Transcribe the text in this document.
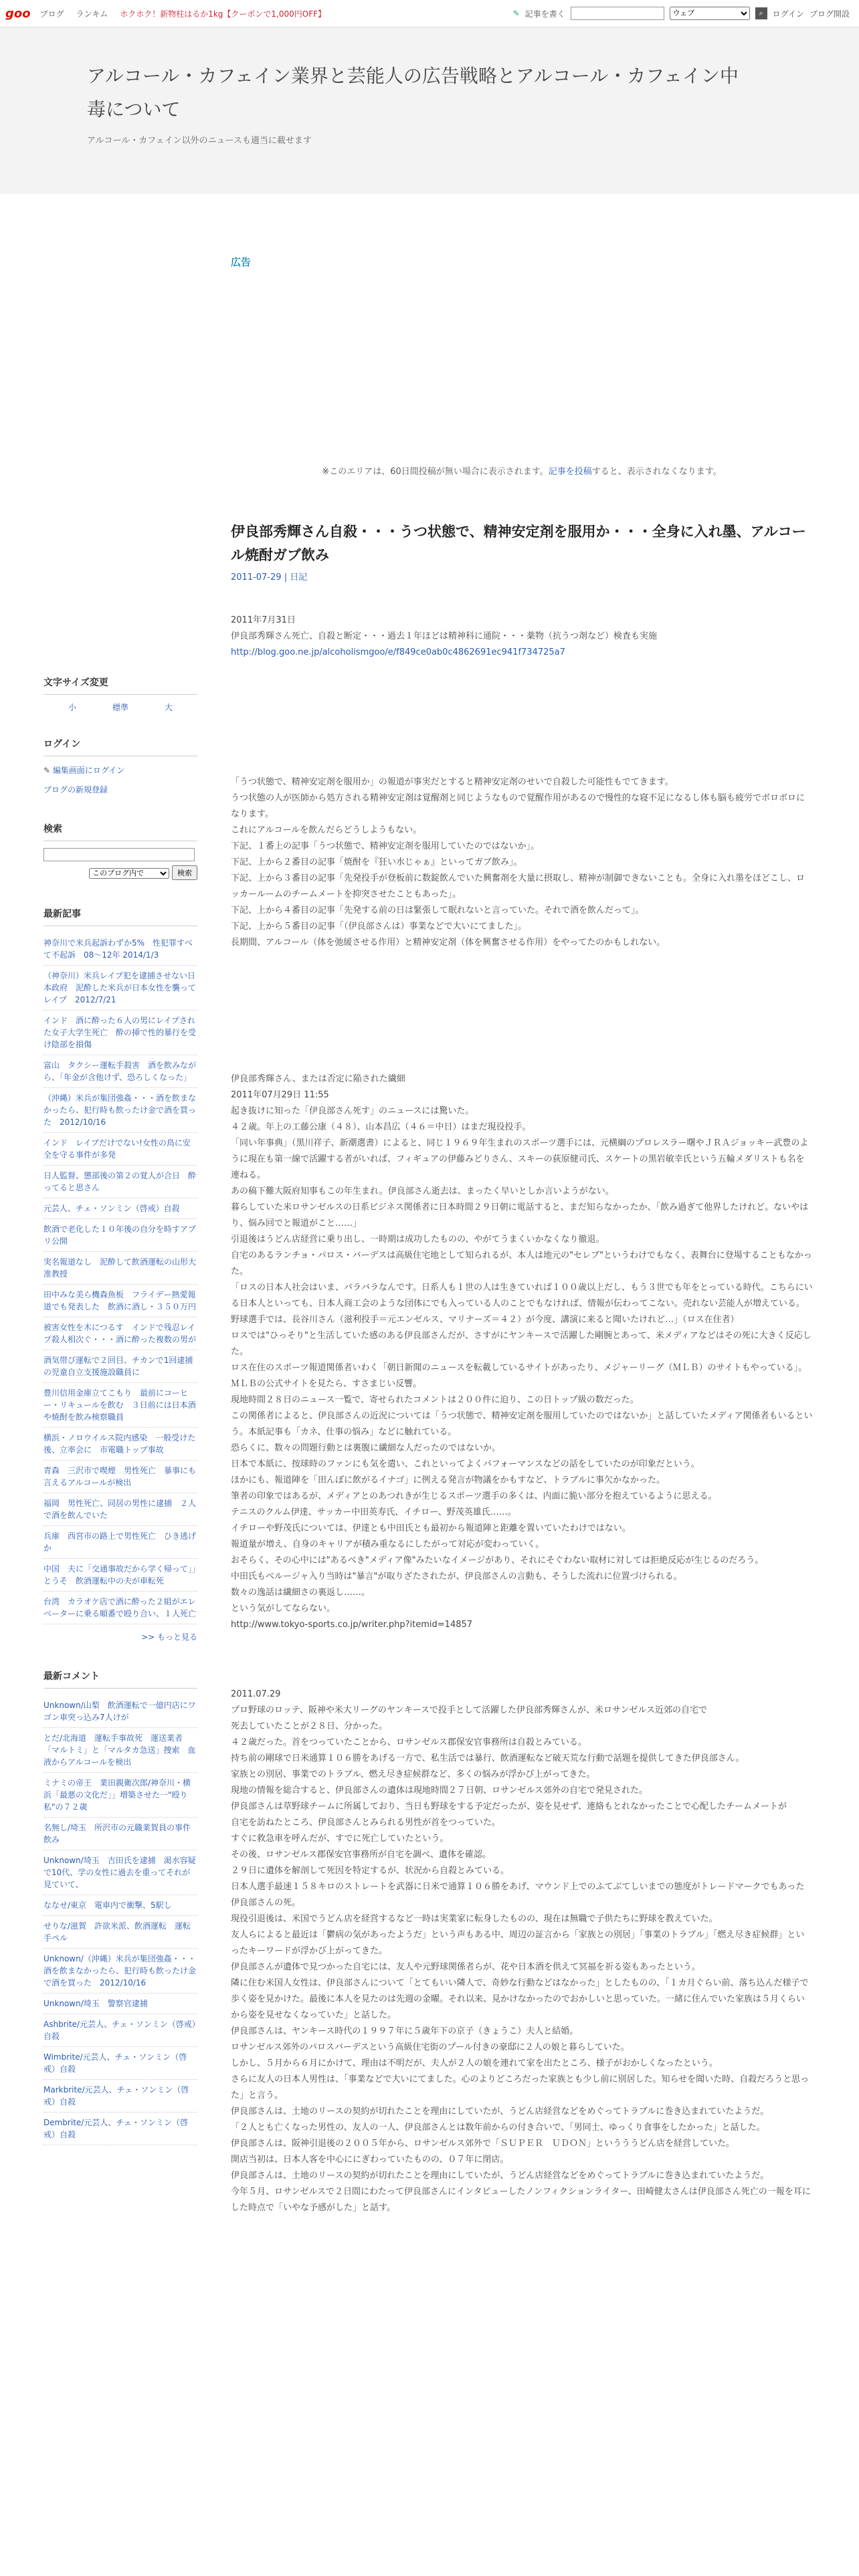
goo ブログ ランキム ホクホク！新物柱はるか1kg【クーポンで1,000円OFF】	✎ 記事を書く
ウェブ	⌕	ログイン ブログ開設
アルコール・カフェイン業界と芸能人の広告戦略とアルコール・カフェイン中毒について
アルコール・カフェイン以外のニュースも適当に載せます
広告
※このエリアは、60日間投稿が無い場合に表示されます。記事を投稿すると、表示されなくなります。
伊良部秀輝さん自殺・・・うつ状態で、精神安定剤を服用か・・・全身に入れ墨、アルコール焼酎ガブ飲み
2011-07-29 | 日記
2011年7月31日
伊良部秀輝さん死亡、自殺と断定・・・過去１年ほどは精神科に通院・・・薬物（抗うつ剤など）検査も実施
http://blog.goo.ne.jp/alcoholismgoo/e/f849ce0ab0c4862691ec941f734725a7
「うつ状態で、精神安定剤を服用か」の報道が事実だとすると精神安定剤のせいで自殺した可能性もでてきます。
うつ状態の人が医師から処方される精神安定剤は覚醒剤と同じようなもので覚醒作用があるので慢性的な寝不足になるし体も脳も疲労でボロボロになります。
これにアルコールを飲んだらどうしようもない。
下記、１番上の記事「うつ状態で、精神安定剤を服用していたのではないか」。
下記、上から２番目の記事「焼酎を『狂い水じゃぁ』といってガブ飲み」。
下記、上から３番目の記事「先発投手が登板前に数錠飲んでいた興奮剤を大量に摂取し、精神が制御できないことも。全身に入れ墨をほどこし、ロッカールームのチームメートを抑突させたこともあった」。
下記、上から４番目の記事「先発する前の日は緊張して眠れないと言っていた。それで酒を飲んだって」。
下記、上から５番目の記事「（伊良部さんは）事業などで大いにてました」。
長期間、アルコール（体を弛緩させる作用）と精神安定剤（体を興奮させる作用）をやってたのかもしれない。
伊良部秀輝さん、または否定に陥された繊細
2011年07月29日 11:55
起き抜けに知った「伊良部さん死す」のニュースには驚いた。
４２歳。年上の工藤公康（４８）、山本昌広（４６＝中日）はまだ現役投手。
「同い年事典」（黒川祥子、新潮選書）によると、同じ１９６９年生まれのスポーツ選手には、元横綱のプロレスラー曙やＪＲＡジョッキー武豊のように現在も第一線で活躍する者がいれば、フィギュアの伊藤みどりさん、スキーの荻原健司氏、スケートの黒岩敏幸氏という五輪メダリストも名を連ねる。
あの稿下難大阪府知事もこの年生まれ。伊良部さん逝去は、まったく早いとしか言いようがない。
暮らしていた米ロサンゼルスの日系ビジネス関係者に日本時間２９日朝に電話すると、まだ知らなかったか、「飲み過ぎて他界したけれど。ないやはり、悩み回でと報道がこと……」
引退後はうどん店経営に乗り出し、一時期は成功したものの、やがてうまくいかなくなり撤退。
自宅のあるランチョ・パロス・バーデスは高級住宅地として知られるが、本人は地元の"セレブ"というわけでもなく、表舞台に登場することもなかった。
「ロスの日本人社会はいま、バラバラなんです。日系人も１世の人は生きていれば１００歳以上だし、もう３世でも年をとっている時代。こちらにいる日本人といっても、日本人商工会のような団体にでも入っている人のことでもなければ、情報が伝わってこない。売れない芸能人が増えている。野球選手では、長谷川さん（滋利投手＝元エンゼルス、マリナーズ＝４２）が今度、講演に来ると聞いたけれど…」（ロス在住者）
ロスでは"ひっそり"と生活していた感のある伊良部さんだが、さすがにヤンキースで活躍した剛腕とあって、米メディアなどはその死に大きく反応した。
ロス在住のスポーツ報道関係者いわく「朝日新聞のニュースを転載しているサイトがあったり、メジャーリーグ（ＭＬＢ）のサイトもやっている」。
ＭＬＢの公式サイトを見たら、すさまじい反響。
現地時間２８日のニュース一覧で、寄せられたコメントは２００件に迫り、この日トップ級の数だった。
この関係者によると、伊良部さんの近況については「うつ状態で、精神安定剤を服用していたのではないか」と話していたメディア関係者もいるという。本紙記事も「カネ、仕事の悩み」などに触れている。
恐らくに、数々の問題行動とは裏腹に繊細な人だったのではないか。
日本で本紙に、按球時のファンにも気を遣い、これといってよくパフォーマンスなどの話をしていたのが印象だという。
ほかにも、報道陣を「田んぼに飲がるイナゴ」に例える発言が物議をかもすなど、トラブルに事欠かなかった。
筆者の印象ではあるが、メディアとのあつれきが生じるスポーツ選手の多くは、内面に脆い部分を抱えているように思える。
テニスのクルム伊達、サッカー中田英寿氏、イチロー、野茂英雄氏……。
イチローや野茂氏については、伊達とも中田氏とも最初から報道陣と距離を置いていたわけではない。
報道量が増え、自身のキャリアが積み重なるにしたがって対応が変わっていく。
おそらく、その心中には"あるべき"メディア像"みたいなイメージがあり、それにそぐわない取材に対しては拒絶反応が生じるのだろう。
中田氏もベルージャ入り当時は"暴言"が取りざたされたが、伊良部さんの言動も、そうした流れに位置づけられる。
数々の逸話は繊細さの裏返し……。
という気がしてならない。
http://www.tokyo-sports.co.jp/writer.php?itemid=14857
2011.07.29
プロ野球のロッテ、阪神や米大リーグのヤンキースで投手として活躍した伊良部秀輝さんが、米ロサンゼルス近郊の自宅で
死去していたことが２８日、分かった。
４２歳だった。首をつっていたことから、ロサンゼルス郡保安官事務所は自殺とみている。
持ち前の剛球で日米通算１０６勝をあげる一方で、私生活では暴行、飲酒運転など破天荒な行動で話題を提供してきた伊良部さん。
家族との別居、事業でのトラブル、燃え尽き症候群など、多くの悩みが浮かび上がってきた。
現地の情報を総合すると、伊良部さんの遺体は現地時間２７日朝、ロサンゼルス郊外の自宅で発見された。
伊良部さんは草野球チームに所属しており、当日も野球をする予定だったが、姿を見せず、連絡もとれなかったことで心配したチームメートが
自宅を訪ねたところ、伊良部さんとみられる男性が首をつっていた。
すぐに救急車を呼んだが、すでに死亡していたという。
その後、ロサンゼルス郡保安官事務所が自宅を調べ、遺体を確認。
２９日に遺体を解剖して死因を特定するが、状況から自殺とみている。
日本人選手最速１５８キロのストレートを武器に日米で通算１０６勝をあげ、マウンド上でのふてぶてしいまでの態度がトレードマークでもあった伊良部さんの死。
現役引退後は、米国でうどん店を経営するなど一時は実業家に転身したものの、現在は無職で子供たちに野球を教えていた。
友人らによると最近は「鬱病の気があったようだ」という声もある中、周辺の証言から「家族との別居」「事業のトラブル」「燃え尽き症候群」といったキーワードが浮かび上がってきた。
伊良部さんが遺体で見つかった自宅には、友人や元野球関係者らが、花や日本酒を供えて冥福を祈る姿もあったという。
隣に住む米国人女性は、伊良部さんについて「とてもいい隣人で、奇妙な行動などはなかった」としたものの、「１カ月ぐらい前、落ち込んだ様子で歩く姿を見かけた。最後に本人を見たのは先週の金曜。それ以来、見かけなかったのでおかしいと思っていた。一緒に住んでいた家族は５月くらいから姿を見せなくなっていた」と話した。
伊良部さんは、ヤンキース時代の１９９７年に５歳年下の京子（きょうこ）夫人と結婚。
ロサンゼルス郊外のパロスバーデスという高級住宅街のプール付きの豪邸に２人の娘と暮らしていた。
しかし、５月から６月にかけて、理由は不明だが、夫人が２人の娘を連れて家を出たところ、様子がおかしくなったという。
さらに友人の日本人男性は、「事業などで大いにてました。心のよりどころだった家族とも少し前に別居した。知らせを聞いた時、自殺だろうと思った」と言う。
伊良部さんは、土地のリースの契約が切れたことを理由にしていたが、うどん店経営などをめぐってトラブルに巻き込まれていたようだ。
「２人とも亡くなった男性の、友人の一人、伊良部さんとは数年前からの付き合いで、「男同士、ゆっくり食事をしたかった」と話した。
伊良部さんは、阪神引退後の２００５年から、ロサンゼルス郊外で「ＳＵＰＥＲ　ＵＤＯＮ」というううどん店を経営していた。
開店当初は、日本人客を中心ににぎわっていたものの、０７年に閉店。
伊良部さんは、土地のリースの契約が切れたことを理由にしていたが、うどん店経営などをめぐってトラブルに巻き込まれていたようだ。
今年５月、ロサンゼルスで２日間にわたって伊良部さんにインタビューしたノンフィクションライター、田崎健太さんは伊良部さん死亡の一報を耳にした時点で「いやな予感がした」と話す。
文字サイズ変更
小	標準	大
ログイン
✎ 編集画面にログイン
ブログの新規登録
検索
このブログ内で 検索
最新記事
神奈川で米兵起訴わずか5%　性犯罪すべて不起訴　08～12年 2014/1/3
（神奈川）米兵レイプ犯を逮捕させない日本政府　泥酔した米兵が日本女性を襲ってレイプ　2012/7/21
インド　酒に酔った６人の男にレイプされた女子大学生死亡　酔の挿で性的暴行を受け陰部を損傷
富山　タクシー運転手殺害　酒を飲みながら、「年金が含他けず、恐ろしくなった」
（沖縄）米兵が集団強姦・・・酒を飲まなかったら、犯行時も飲ったけ金で酒を買った　2012/10/16
インド　レイプだけでない!女性の鳥に安全を守る事件が多発
日人監督、懲部後の第２の覚人が合日　酔ってると思さん
元芸人、チェ・ソンミン（啓戒）自殺
飲酒で老化した１０年後の自分を時すアプリ公開
実名報道なし　泥酔して飲酒運転の山形大准教授
田中みな美ら機森魚板　フライデー熱愛報道でも発表した　飲酒に酒し・３５０万円
被害女性を木につるす　インドで残忍レイプ殺人相次ぐ・・・酒に酔った複数の男が
酒気帯び運転で２回目、チカンで1回逮捕の児童自立支援施設職員に
豊川信用金庫立てこもり　最前にコーヒー・リキュールを飲む　３日前には日本酒や焼酎を飲み検察職員
横浜・ノロウイルス院内感染　一般受けた後、立率会に　市電職トップ事故
青森　三沢市で喫煙　男性死亡　暴事にも言えるアルコールが検出
福岡　男性死亡、同居の男性に逮捕　２人で酒を飲んでいた
兵庫　西宮市の路上で男性死亡　ひき逃げか
中国　夫に「交通事故だから学く帰って」」とうそ　飲酒運転中の夫が車転死
台湾　カラオケ店で酒に酔った２組がエレベーターに乗る順番で殴り合い、１人死亡
>> もっと見る
最新コメント
Unknown/山梨　飲酒運転で一億円店にワゴン車突っ込み7人けが
とだ/北海道　運転手事故死　運送業者「マルトミ」と「マルタカ急送」捜索　血液からアルコールを検出
ミナミの帝王　業田親衛次郎/神奈川・横浜「最悪の文化だ」」増築させた一"殴り私"の７２歳
名無し/埼玉　所沢市の元職業賀員の事件　飲み
Unknown/埼玉　吉田氏を逮捕　渇水容疑で10代、学の女性に過去を重ってそれが見ていて、
ななせ/東京　電車内で衝撃、5駅し
せりな/滋賀　許欲米派、飲酒運転　運転手ペル
Unknown/（沖縄）米兵が集団強姦・・・酒を飲まなかったら、犯行時も飲ったけ金で酒を買った　2012/10/16
Unknown/埼玉　警察官逮捕
Ashbrite/元芸人、チェ・ソンミン（啓戒）自殺
Wimbrite/元芸人、チェ・ソンミン（啓戒）自殺
Markbrite/元芸人、チェ・ソンミン（啓戒）自殺
Dembrite/元芸人、チェ・ソンミン（啓戒）自殺
